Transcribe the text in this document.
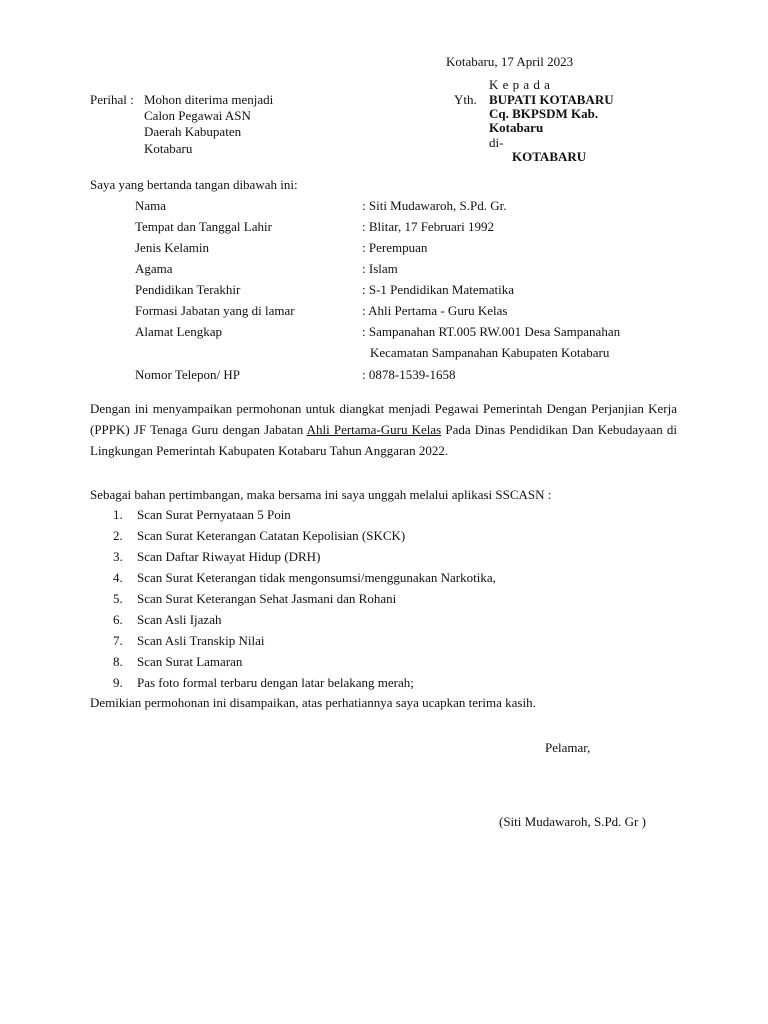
Kotabaru, 17 April 2023
K e p a d a
Yth. BUPATI KOTABARU
Cq. BKPSDM Kab.
Kotabaru
di-
KOTABARU
Perihal : Mohon diterima menjadi
Calon Pegawai ASN
Daerah Kabupaten
Kotabaru
Saya yang bertanda tangan dibawah ini:
Nama	: Siti Mudawaroh, S.Pd. Gr.
Tempat dan Tanggal Lahir	: Blitar, 17 Februari 1992
Jenis Kelamin	: Perempuan
Agama	: Islam
Pendidikan Terakhir	: S-1 Pendidikan Matematika
Formasi Jabatan yang di lamar	: Ahli Pertama - Guru Kelas
Alamat Lengkap	: Sampanahan RT.005 RW.001 Desa Sampanahan
Kecamatan Sampanahan Kabupaten Kotabaru
Nomor Telepon/ HP	: 0878-1539-1658
Dengan ini menyampaikan permohonan untuk diangkat menjadi Pegawai Pemerintah Dengan Perjanjian Kerja (PPPK) JF Tenaga Guru dengan Jabatan Ahli Pertama-Guru Kelas Pada Dinas Pendidikan Dan Kebudayaan di Lingkungan Pemerintah Kabupaten Kotabaru Tahun Anggaran 2022.
Sebagai bahan pertimbangan, maka bersama ini saya unggah melalui aplikasi SSCASN :
1. Scan Surat Pernyataan 5 Poin
2. Scan Surat Keterangan Catatan Kepolisian (SKCK)
3. Scan Daftar Riwayat Hidup (DRH)
4. Scan Surat Keterangan tidak mengonsumsi/menggunakan Narkotika,
5. Scan Surat Keterangan Sehat Jasmani dan Rohani
6. Scan Asli Ijazah
7. Scan Asli Transkip Nilai
8. Scan Surat Lamaran
9. Pas foto formal terbaru dengan latar belakang merah;
Demikian permohonan ini disampaikan, atas perhatiannya saya ucapkan terima kasih.
Pelamar,
(Siti Mudawaroh, S.Pd. Gr )
